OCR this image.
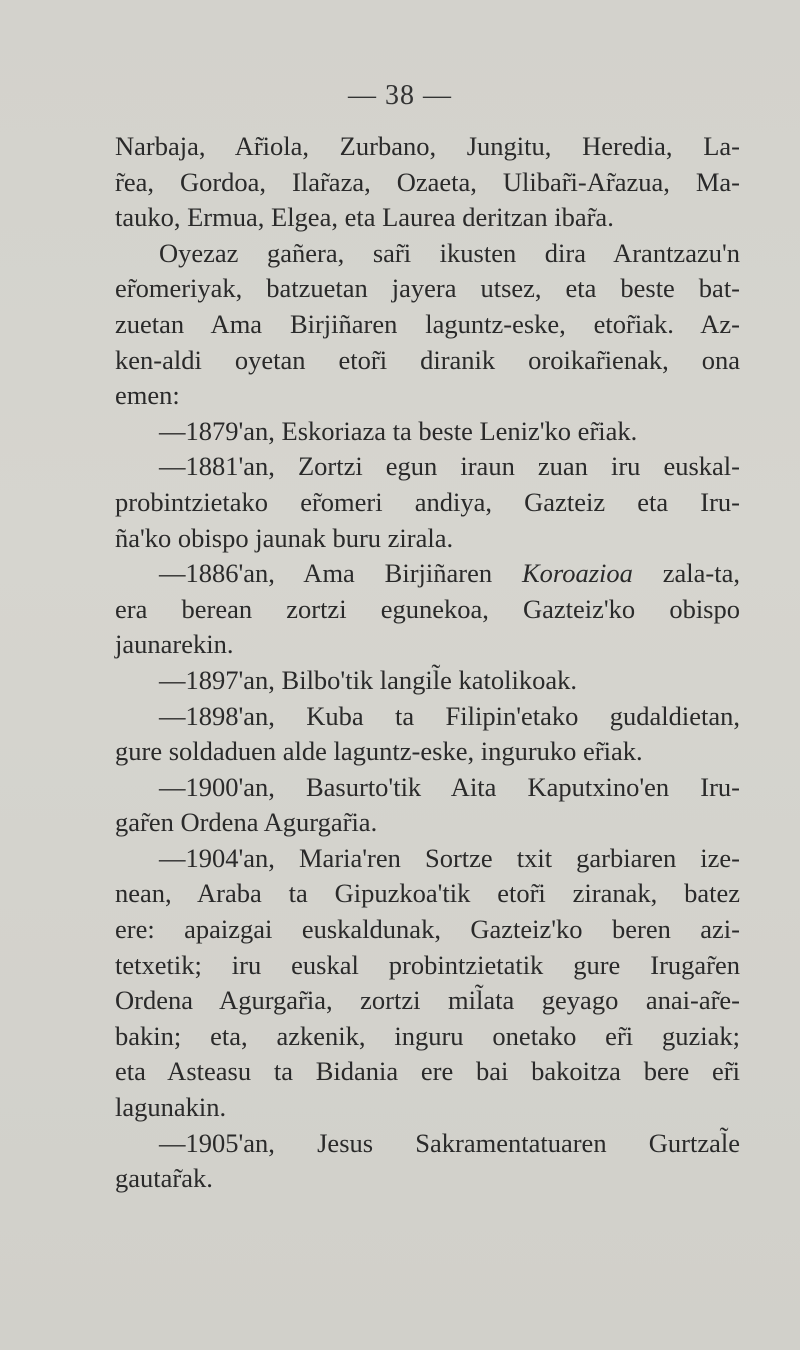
— 38 —
Narbaja, Ar̃iola, Zurbano, Jungitu, Heredia, La-
r̃ea, Gordoa, Ilar̃aza, Ozaeta, Ulibar̃i-Ar̃azua, Ma-
tauko, Ermua, Elgea, eta Laurea deritzan ibar̃a.
Oyezaz gañera, sar̃i ikusten dira Arantzazu'n
er̃omeriyak, batzuetan jayera utsez, eta beste bat-
zuetan Ama Birjiñaren laguntz-eske, etor̃iak. Az-
ken-aldi oyetan etor̃i diranik oroikar̃ienak, ona
emen:
—1879'an, Eskoriaza ta beste Leniz'ko er̃iak.
—1881'an, Zortzi egun iraun zuan iru euskal-
probintzietako er̃omeri andiya, Gazteiz eta Iru-
ña'ko obispo jaunak buru zirala.
—1886'an, Ama Birjiñaren Koroazioa zala-ta,
era berean zortzi egunekoa, Gazteiz'ko obispo
jaunarekin.
—1897'an, Bilbo'tik langil̃e katolikoak.
—1898'an, Kuba ta Filipin'etako gudaldietan,
gure soldaduen alde laguntz-eske, inguruko er̃iak.
—1900'an, Basurto'tik Aita Kaputxino'en Iru-
gar̃en Ordena Agurgar̃ia.
—1904'an, Maria'ren Sortze txit garbiaren ize-
nean, Araba ta Gipuzkoa'tik etor̃i ziranak, batez
ere: apaizgai euskaldunak, Gazteiz'ko beren azi-
tetxetik; iru euskal probintzietatik gure Irugar̃en
Ordena Agurgar̃ia, zortzi mil̃ata geyago anai-ar̃e-
bakin; eta, azkenik, inguru onetako er̃i guziak;
eta Asteasu ta Bidania ere bai bakoitza bere er̃i
lagunakin.
—1905'an, Jesus Sakramentatuaren Gurtzal̃e
gautar̃ak.
